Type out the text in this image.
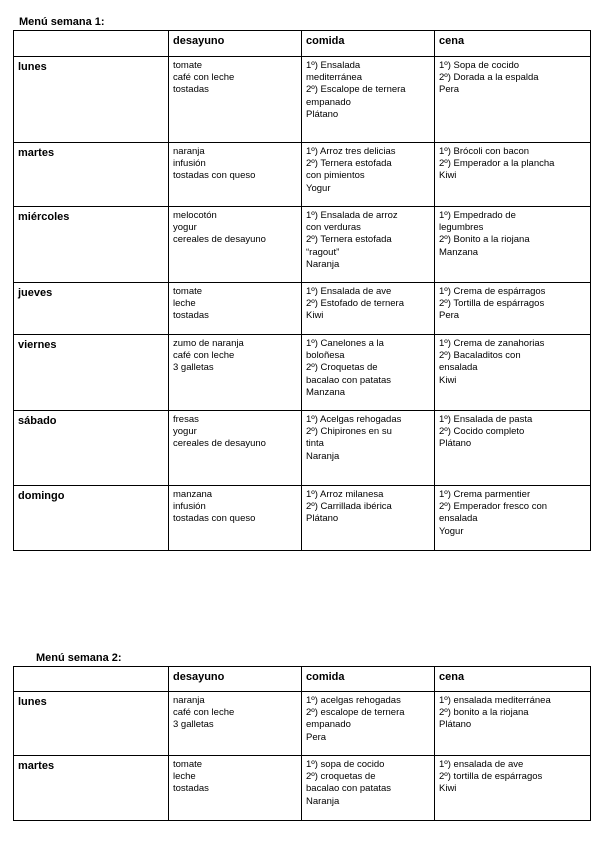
Menú semana 1:
	desayuno	comida	cena
lunes	tomate
café con leche
tostadas	1º) Ensalada
mediterránea
2º) Escalope de ternera
empanado
Plátano	1º) Sopa de cocido
2º) Dorada a la espalda
Pera

martes	naranja
infusión
tostadas con queso	1º) Arroz tres delicias
2º) Ternera estofada
con pimientos
Yogur	1º) Brócoli con bacon
2º) Emperador a la plancha
Kiwi

miércoles	melocotón
yogur
cereales de desayuno	1º) Ensalada de arroz
con verduras
2º) Ternera estofada
“ragout”
Naranja	1º) Empedrado de
legumbres
2º) Bonito a la riojana
Manzana

jueves	tomate
leche
tostadas	1º) Ensalada de ave
2º) Estofado de ternera
Kiwi	1º) Crema de espárragos
2º) Tortilla de espárragos
Pera

viernes	zumo de naranja
café con leche
3 galletas	1º) Canelones a la
boloñesa
2º) Croquetas de
bacalao con patatas
Manzana	1º) Crema de zanahorias
2º) Bacaladitos con
ensalada
Kiwi

sábado	fresas
yogur
cereales de desayuno	1º) Acelgas rehogadas
2º) Chipirones en su
tinta
Naranja	1º) Ensalada de pasta
2º) Cocido completo
Plátano

domingo	manzana
infusión
tostadas con queso	1º) Arroz milanesa
2º) Carrillada ibérica
Plátano	1º) Crema parmentier
2º) Emperador fresco con
ensalada
Yogur
Menú semana 2:
	desayuno	comida	cena
lunes	naranja
café con leche
3 galletas	1º) acelgas rehogadas
2º) escalope de ternera
empanado
Pera	1º) ensalada mediterránea
2º) bonito a la riojana
Plátano

martes	tomate
leche
tostadas	1º) sopa de cocido
2º) croquetas de
bacalao con patatas
Naranja	1º) ensalada de ave
2º) tortilla de espárragos
Kiwi
